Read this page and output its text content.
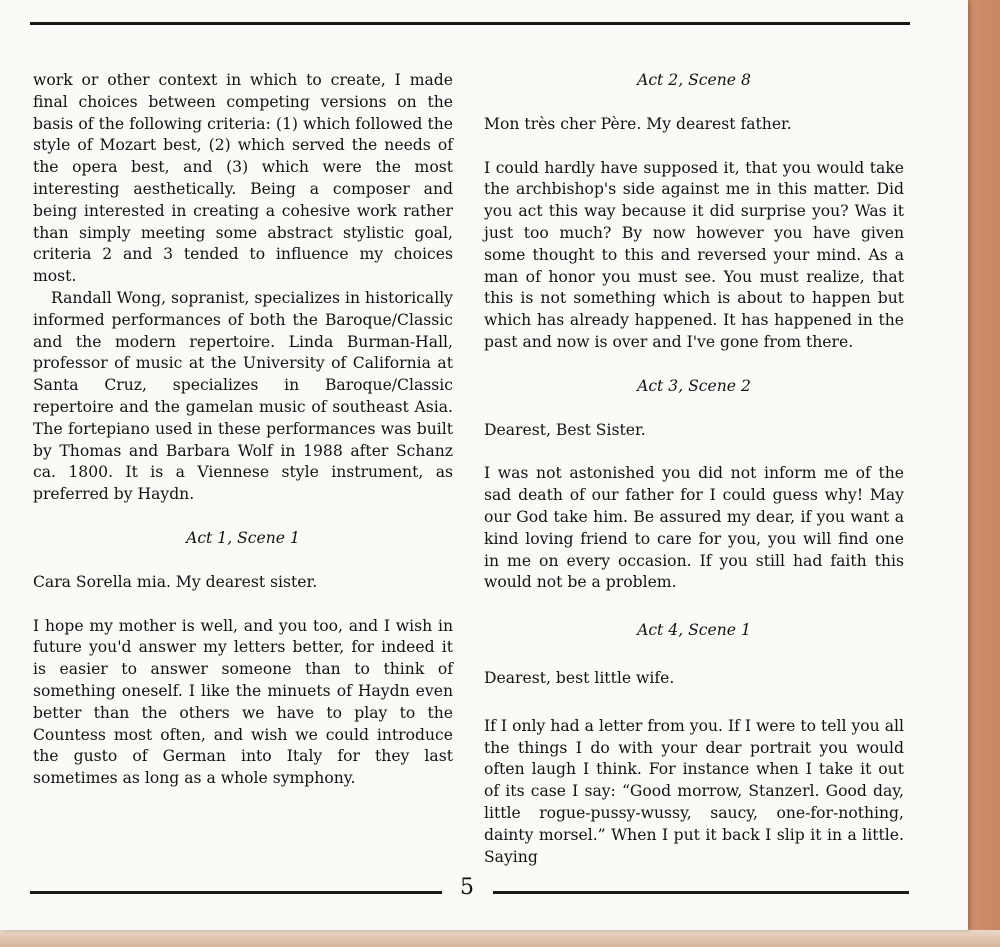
work or other context in which to create, I made final choices between competing versions on the basis of the following criteria: (1) which followed the style of Mozart best, (2) which served the needs of the opera best, and (3) which were the most interesting aesthetically. Being a composer and being interested in creating a cohesive work rather than simply meeting some abstract stylistic goal, criteria 2 and 3 tended to influence my choices most.

Randall Wong, sopranist, specializes in historically informed performances of both the Baroque/Classic and the modern repertoire. Linda Burman-Hall, professor of music at the University of California at Santa Cruz, specializes in Baroque/Classic repertoire and the gamelan music of southeast Asia. The fortepiano used in these performances was built by Thomas and Barbara Wolf in 1988 after Schanz ca. 1800. It is a Viennese style instrument, as preferred by Haydn.

Act 1, Scene 1

Cara Sorella mia. My dearest sister.

I hope my mother is well, and you too, and I wish in future you'd answer my letters better, for indeed it is easier to answer someone than to think of something oneself. I like the minuets of Haydn even better than the others we have to play to the Countess most often, and wish we could introduce the gusto of German into Italy for they last sometimes as long as a whole symphony.

Act 2, Scene 8

Mon très cher Père. My dearest father.

I could hardly have supposed it, that you would take the archbishop's side against me in this matter. Did you act this way because it did surprise you? Was it just too much? By now however you have given some thought to this and reversed your mind. As a man of honor you must see. You must realize, that this is not something which is about to happen but which has already happened. It has happened in the past and now is over and I've gone from there.

Act 3, Scene 2

Dearest, Best Sister.

I was not astonished you did not inform me of the sad death of our father for I could guess why! May our God take him. Be assured my dear, if you want a kind loving friend to care for you, you will find one in me on every occasion. If you still had faith this would not be a problem.

Act 4, Scene 1

Dearest, best little wife.

If I only had a letter from you. If I were to tell you all the things I do with your dear portrait you would often laugh I think. For instance when I take it out of its case I say: “Good morrow, Stanzerl. Good day, little rogue-pussy-wussy, saucy, one-for-nothing, dainty morsel.” When I put it back I slip it in a little. Saying

5
